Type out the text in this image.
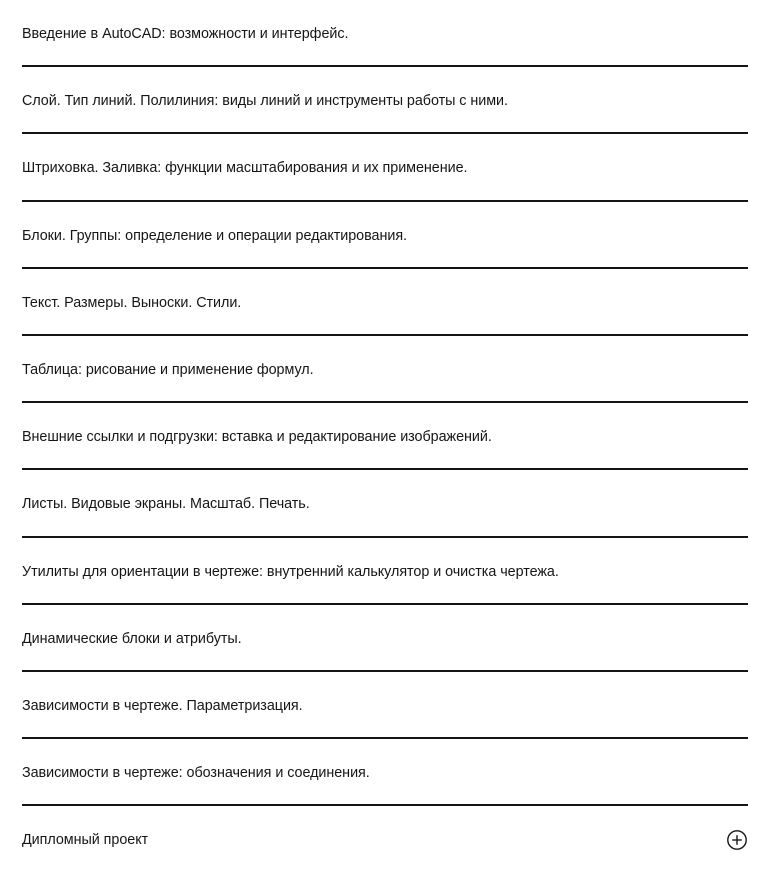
Введение в AutoCAD: возможности и интерфейс.
Слой. Тип линий. Полилиния: виды линий и инструменты работы с ними.
Штриховка. Заливка: функции масштабирования и их применение.
Блоки. Группы: определение и операции редактирования.
Текст. Размеры. Выноски. Стили.
Таблица: рисование и применение формул.
Внешние ссылки и подгрузки: вставка и редактирование изображений.
Листы. Видовые экраны. Масштаб. Печать.
Утилиты для ориентации в чертеже: внутренний калькулятор и очистка чертежа.
Динамические блоки и атрибуты.
Зависимости в чертеже. Параметризация.
Зависимости в чертеже: обозначения и соединения.
Дипломный проект
